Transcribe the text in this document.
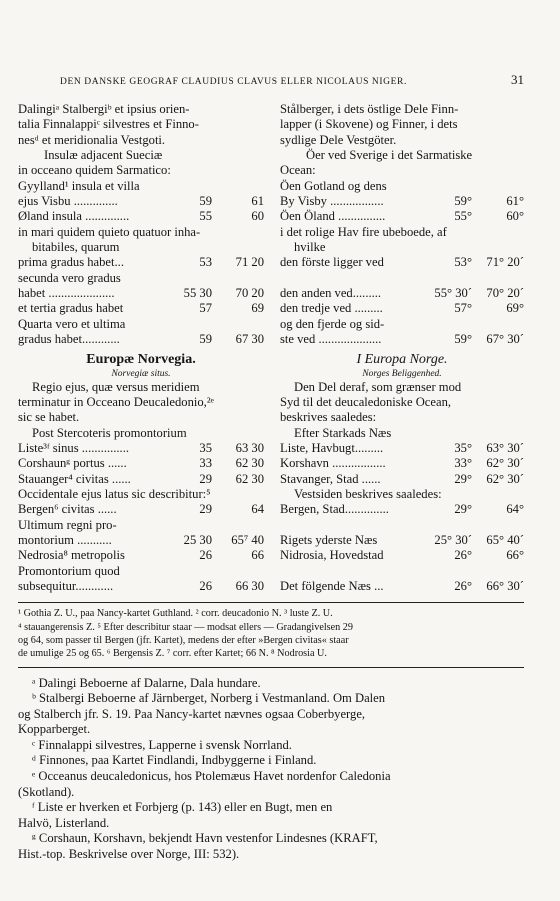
DEN DANSKE GEOGRAF CLAUDIUS CLAVUS ELLER NICOLAUS NIGER.	31
Dalingiᵃ Stalbergiᵇ et ipsius orien-
talia Finnalappiᶜ silvestres et Finno-
nesᵈ et meridionalia Vestgoti.
Insulæ adjacent Sueciæ
in occeano quidem Sarmatico:
Gyylland¹ insula et villa
ejus Visbu ..............	59	61
Øland insula ..............	55	60
in mari quidem quieto quatuor inha-
bitabiles, quarum
prima gradus habet...	53	71 20
secunda vero gradus
habet .....................	55 30	70 20
et tertia gradus habet	57	69
Quarta vero et ultima
gradus habet............	59	67 30
Europæ Norvegia.
Norvegiæ situs.
Regio ejus, quæ versus meridiem
terminatur in Occeano Deucaledonio,²ᵉ
sic se habet.
Post Stercoteris promontorium
Liste³ᶠ sinus ...............	35	63 30
Corshaunᵍ portus ......	33	62 30
Stauanger⁴ civitas ......	29	62 30
Occidentale ejus latus sic describitur:⁵
Bergen⁶ civitas ......	29	64
Ultimum regni pro-
montorium ...........	25 30	65⁷ 40
Nedrosia⁸ metropolis	26	66
Promontorium quod
subsequitur............	26	66 30
Stålberger, i dets östlige Dele Finn-
lapper (i Skovene) og Finner, i dets
sydlige Dele Vestgöter.
Öer ved Sverige i det Sarmatiske
Ocean:
Öen Gotland og dens
By Visby .................	59°	61°
Öen Öland ...............	55°	60°
i det rolige Hav fire ubeboede, af
hvilke
den förste ligger ved	53°	71° 20´
den anden ved.........	55° 30´	70° 20´
den tredje ved .........	57°	69°
og den fjerde og sid-
ste ved ....................	59°	67° 30´
I Europa Norge.
Norges Beliggenhed.
Den Del deraf, som grænser mod
Syd til det deucaledoniske Ocean,
beskrives saaledes:
Efter Starkads Næs
Liste, Havbugt.........	35°	63° 30´
Korshavn .................	33°	62° 30´
Stavanger, Stad ......	29°	62° 30´
Vestsiden beskrives saaledes:
Bergen, Stad..............	29°	64°
Rigets yderste Næs	25° 30´	65° 40´
Nidrosia, Hovedstad	26°	66°
Det fölgende Næs ...	26°	66° 30´
¹ Gothia Z. U., paa Nancy-kartet Guthland. ² corr. deucadonio N. ³ luste Z. U.
⁴ stauangerensis Z. ⁵ Efter describitur staar — modsat ellers — Gradangivelsen 29
og 64, som passer til Bergen (jfr. Kartet), medens der efter »Bergen civitas« staar
de umulige 25 og 65. ⁶ Bergensis Z. ⁷ corr. efter Kartet; 66 N. ⁸ Nodrosia U.
ᵃ Dalingi Beboerne af Dalarne, Dala hundare.
ᵇ Stalbergi Beboerne af Järnberget, Norberg i Vestmanland. Om Dalen
og Stalberch jfr. S. 19. Paa Nancy-kartet nævnes ogsaa Coberbyerge,
Kopparberget.
ᶜ Finnalappi silvestres, Lapperne i svensk Norrland.
ᵈ Finnones, paa Kartet Findlandi, Indbyggerne i Finland.
ᵉ Occeanus deucaledonicus, hos Ptolemæus Havet nordenfor Caledonia
(Skotland).
ᶠ Liste er hverken et Forbjerg (p. 143) eller en Bugt, men en
Halvö, Listerland.
ᵍ Corshaun, Korshavn, bekjendt Havn vestenfor Lindesnes (KRAFT,
Hist.-top. Beskrivelse over Norge, III: 532).
